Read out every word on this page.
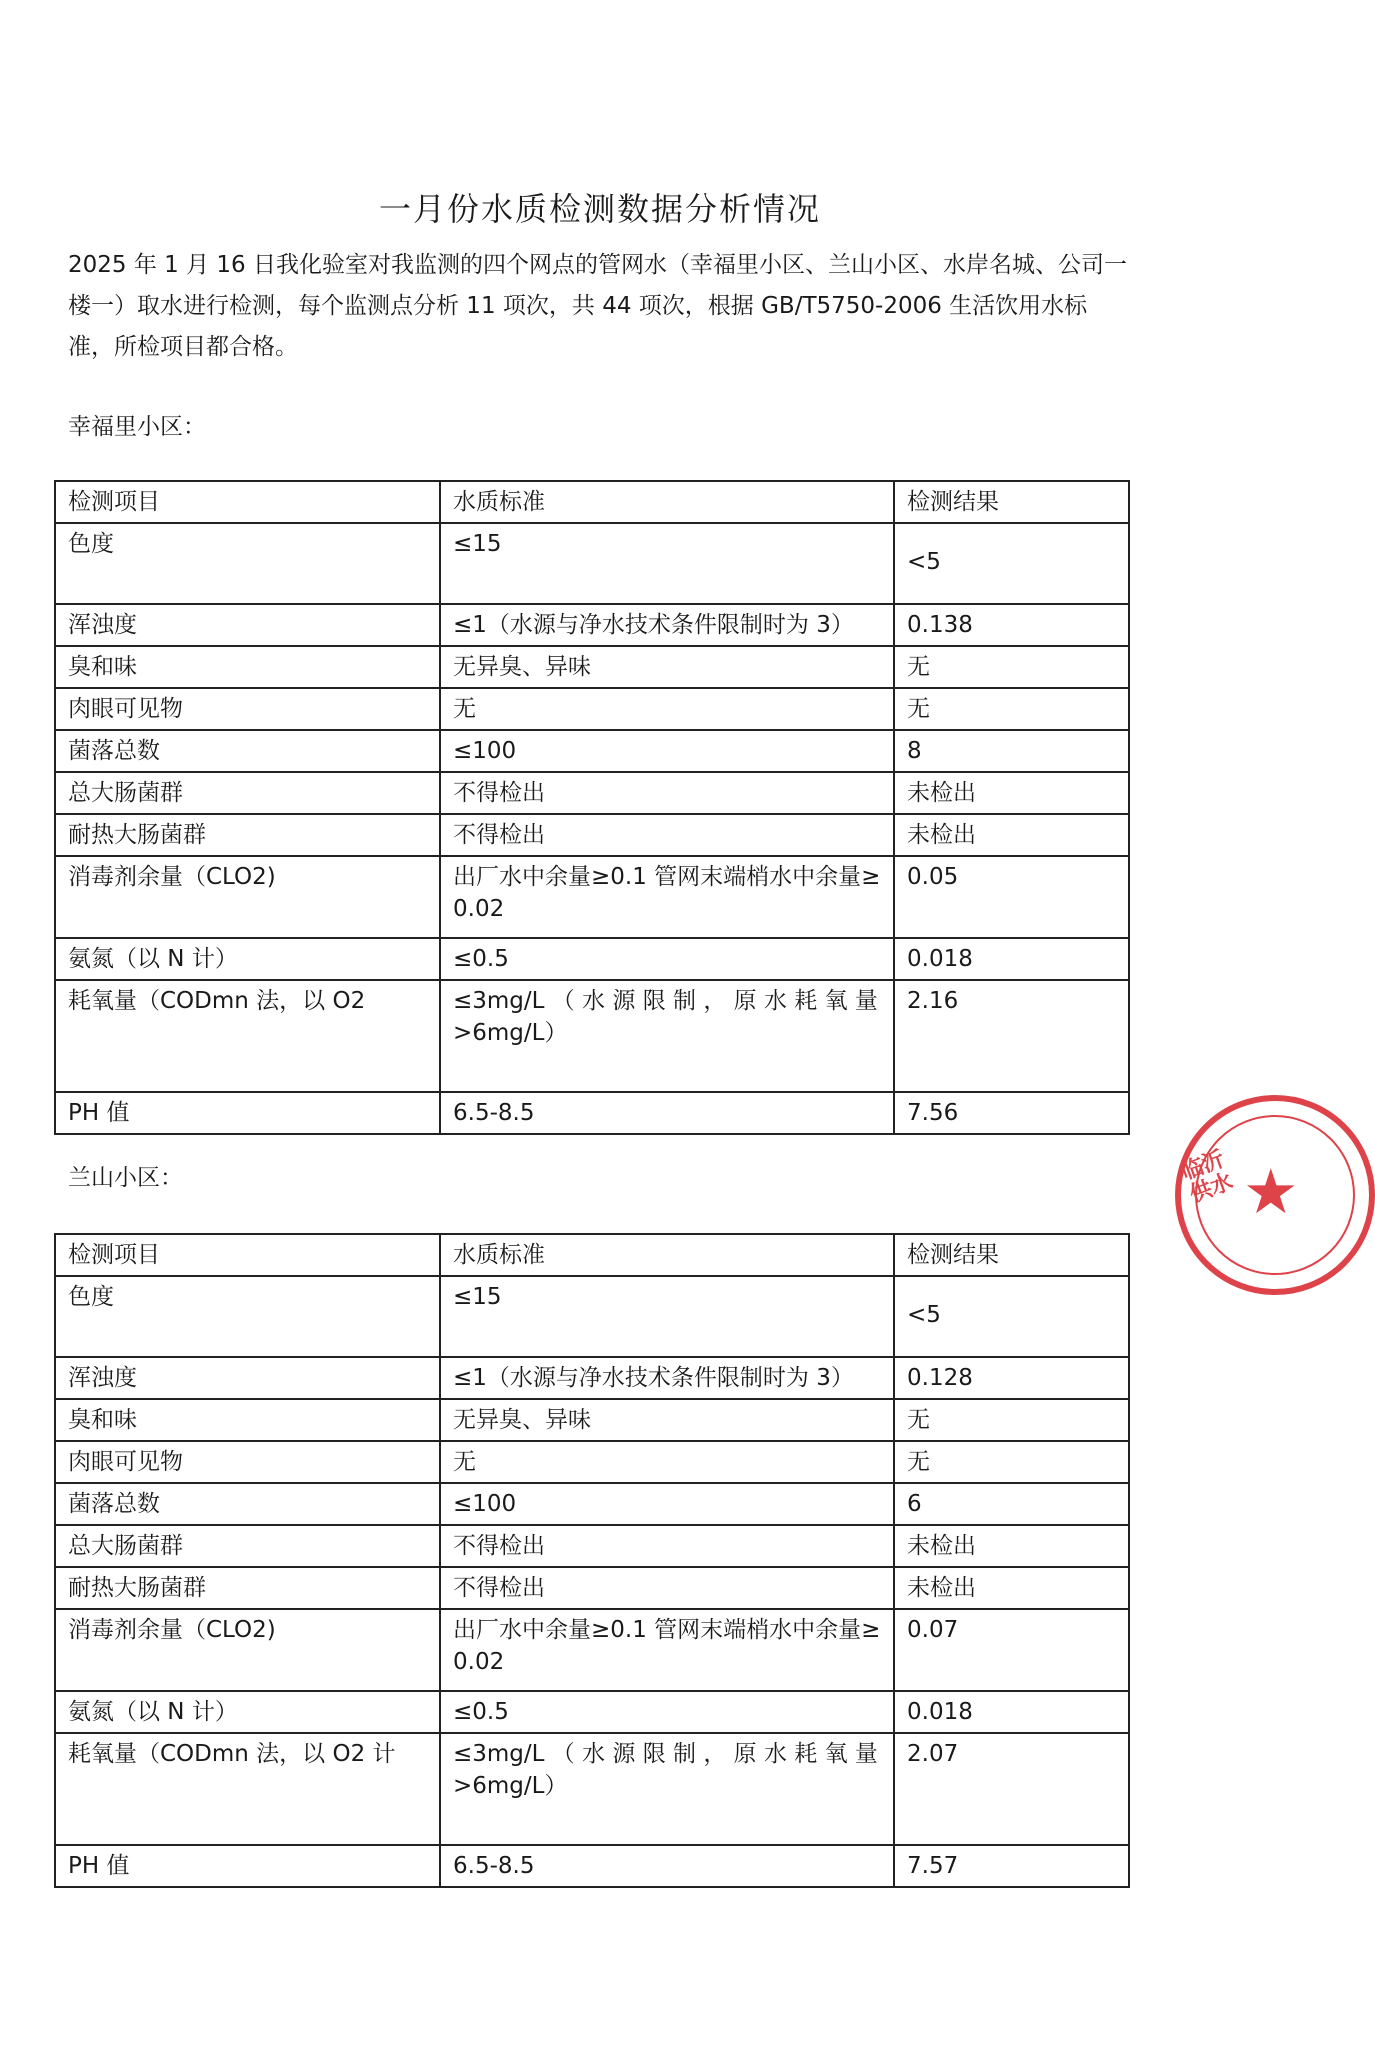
一月份水质检测数据分析情况

2025 年 1 月 16 日我化验室对我监测的四个网点的管网水（幸福里小区、兰山小区、水岸名城、公司一楼一）取水进行检测，每个监测点分析 11 项次，共 44 项次，根据 GB/T5750-2006 生活饮用水标准，所检项目都合格。

幸福里小区：

检测项目	水质标准	检测结果
色度	≤15	<5

浑浊度	≤1（水源与净水技术条件限制时为 3）	0.138
臭和味	无异臭、异味	无
肉眼可见物	无	无
菌落总数	≤100	8
总大肠菌群	不得检出	未检出
耐热大肠菌群	不得检出	未检出
消毒剂余量（CLO2)	出厂水中余量≥0.1 管网末端梢水中余量≥0.02	0.05
氨氮（以 N 计）	≤0.5	0.018
耗氧量（CODmn 法，以 O2	≤3mg/L （ 水 源 限 制 ， 原 水 耗 氧 量>6mg/L）	2.16
PH 值	6.5-8.5	7.56

兰山小区：

检测项目	水质标准	检测结果
色度	≤15	<5

浑浊度	≤1（水源与净水技术条件限制时为 3）	0.128
臭和味	无异臭、异味	无
肉眼可见物	无	无
菌落总数	≤100	6
总大肠菌群	不得检出	未检出
耐热大肠菌群	不得检出	未检出
消毒剂余量（CLO2)	出厂水中余量≥0.1 管网末端梢水中余量≥0.02	0.07
氨氮（以 N 计）	≤0.5	0.018
耗氧量（CODmn 法，以 O2 计	≤3mg/L （ 水 源 限 制 ， 原 水 耗 氧 量>6mg/L）	2.07
PH 值	6.5-8.5	7.57
临沂供水 ★
